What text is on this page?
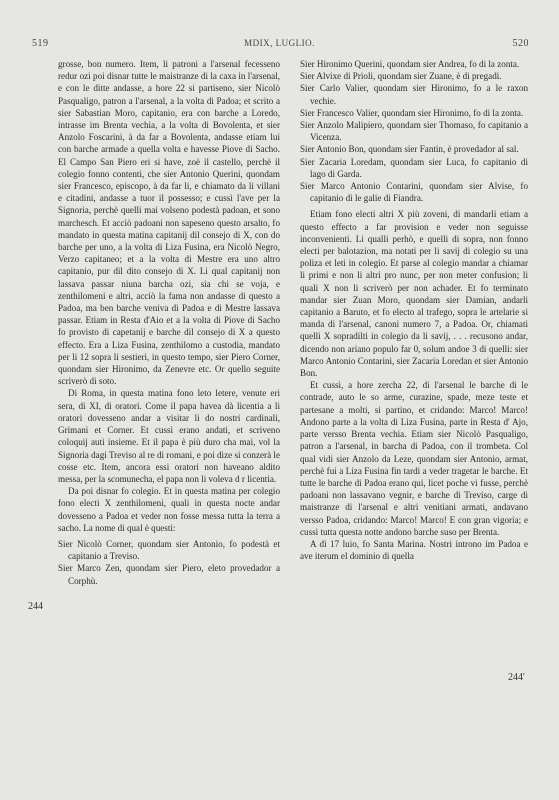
519	MDIX, LUGLIO.	520

grosse, bon numero. Item, li patroni a l'arsenal fecesseno redur ozi poi disnar tutte le maistranze di la caxa in l'arsenal, e con le ditte andasse, a hore 22 si partiseno, sier Nicolò Pasqualigo, patron a l'arsenal, a la volta di Padoa; et scrito a sier Sabastian Moro, capitanio, era con barche a Loredo, intrasse im Brenta vechia, a la volta di Bovolenta, et sier Anzolo Foscarini, à da far a Bovolenta, andasse etiam lui con barche armade a quella volta e havesse Piove di Sacho. El Campo San Piero eri si have, zoè il castello, perchè il colegio fonno contenti, che sier Antonio Querini, quondam sier Francesco, episcopo, à da far li, e chiamato da li villani e citadini, andasse a tuor il possesso; e cussì l'ave per la Signoria, perchè quelli mai volseno podestà padoan, et sono marchesch. Et acciò padoani non sapeseno questo arsalto, fo mandato in questa matina capitanij dil consejo di X, con do barche per uno, a la volta di Liza Fusina, era Nicolò Negro, Verzo capitaneo; et a la volta di Mestre era uno altro capitanio, pur dil dito consejo di X. Li qual capitanij non lassava passar niuna barcha ozi, sia chi se voja, e zenthilomeni e altri, acciò la fama non andasse di questo a Padoa, ma ben barche veniva di Padoa e di Mestre lassava passar. Etiam in Resta d'Aio et a la volta di Piove di Sacho fo provisto di capetanij e barche dil consejo di X a questo effecto. Era a Liza Fusina, zenthilomo a custodia, mandato per li 12 sopra li sestieri, in questo tempo, sier Piero Corner, quondam sier Hironimo, da Zenevre etc. Or quello seguite scriverò di soto.

Di Roma, in questa matina fono leto letere, venute eri sera, di XI, di oratori. Come il papa havea dà licentia a li oratori dovesseno andar a visitar li do nostri cardinali, Grimani et Corner. Et cussì erano andati, et scriveno coloquij auti insieme. Et il papa è più duro cha mai, vol la Signoria dagi Treviso al re di romani, e poi dize si conzerà le cosse etc. Item, ancora essi oratori non haveano aldito messa, per la scomunecha, el papa non li voleva d r licentia.

Da poi disnar fo colegio. Et in questa matina per colegio fono electi X zenthilomeni, quali in questa nocte andar dovesseno a Padoa et veder non fosse messa tutta la terra a sacho. La nome di qual è questi:

Sier Nicolò Corner, quondam sier Antonio, fo podestà et capitanio a Treviso.

Sier Marco Zen, quondam sier Piero, eleto provedador a Corphù.

Sier Hironimo Querini, quondam sier Andrea, fo di la zonta.

Sier Alvixe di Prioli, quondam sier Zuane, è di pregadi.

Sier Carlo Valier, quondam sier Hironimo, fo a le raxon vechie.

Sier Francesco Valier, quondam sier Hironimo, fo di la zonta.

Sier Anzolo Malipiero, quondam sier Thomaso, fo capitanio a Vicenza.

Sier Antonio Bon, quondam sier Fantin, è provedador al sal.

Sier Zacaria Loredam, quondam sier Luca, fo capitanio di lago di Garda.

Sier Marco Antonio Contarini, quondam sier Alvise, fo capitanio di le galie di Fiandra.

Etiam fono electi altri X più zoveni, di mandarli etiam a questo effecto a far provision e veder non seguisse inconvenienti. Li qualli perhò, e quelli di sopra, non fonno electi per balotazion, ma notati per li savij di colegio su una poliza et leti in colegio. Et parse al colegio mandar a chiamar li primi e non li altri pro nunc, per non meter confusion; li quali X non li scriverò per non achader. Et fo terminato mandar sier Zuan Moro, quondam sier Damian, andarli capitanio a Baruto, et fo electo al trafego, sopra le artelarie si manda di l'arsenal, canoni numero 7, a Padoa. Or, chiamati quelli X sopradilti in colegio da li savij, . . . recusono andar, dicendo non ariano populo far 0, solum andoe 3 di quelli: sier Marco Antonio Contarini, sier Zacaria Loredan et sier Antonio Bon.

Et cussì, a hore zercha 22, di l'arsenal le barche di le contrade, auto le so arme, curazine, spade, meze teste et partesane a molti, si partino, et cridando: Marco! Marco! Andono parte a la volta di Liza Fusina, parte in Resta d' Ajo, parte versso Brenta vechia. Etiam sier Nicolò Pasqualigo, patron a l'arsenal, in barcha di Padoa, con il trombeta. Col qual vidi sier Anzolo da Leze, quondam sier Antonio, armat, perchè fui a Liza Fusina fin tardi a veder tragetar le barche. Et tutte le barche di Padoa erano qui, licet poche vi fusse, perchè padoani non lassavano vegnir, e barche di Treviso, carge di maistranze di l'arsenal e altri venitiani armati, andavano versso Padoa, cridando: Marco! Marco! E con gran vigoria; e cussì tutta questa notte andono barche suso per Brenta.

A dì 17 luio, fo Santa Marina. Nostri introno im Padoa e ave iterum el dominio di quella

244
244'
